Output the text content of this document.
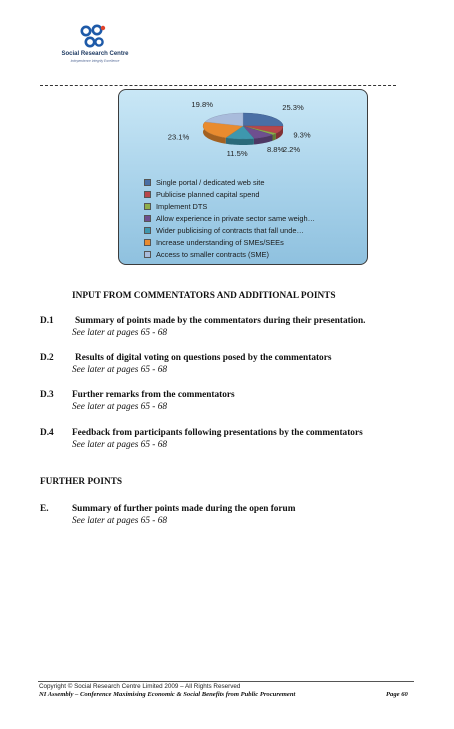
Social Research Centre
Independence Integrity Excellence
25.3%
9.3%
2.2%
8.8%
11.5%
23.1%
19.8%
Single portal / dedicated web site
Publicise planned capital spend
Implement DTS
Allow experience in private sector same weigh…
Wider publicising of contracts that fall unde…
Increase understanding of SMEs/SEEs
Access to smaller contracts (SME)
INPUT FROM COMMENTATORS AND ADDITIONAL POINTS
D.1 Summary of points made by the commentators during their presentation.
See later at pages 65 - 68
D.2 Results of digital voting on questions posed by the commentators
See later at pages 65 - 68
D.3 Further remarks from the commentators
See later at pages 65 - 68
D.4 Feedback from participants following presentations by the commentators
See later at pages 65 - 68
FURTHER POINTS
E.	Summary of further points made during the open forum
See later at pages 65 - 68
Copyright © Social Research Centre Limited 2009 – All Rights Reserved
NI Assembly – Conference Maximising Economic & Social Benefits from Public Procurement	Page 60
